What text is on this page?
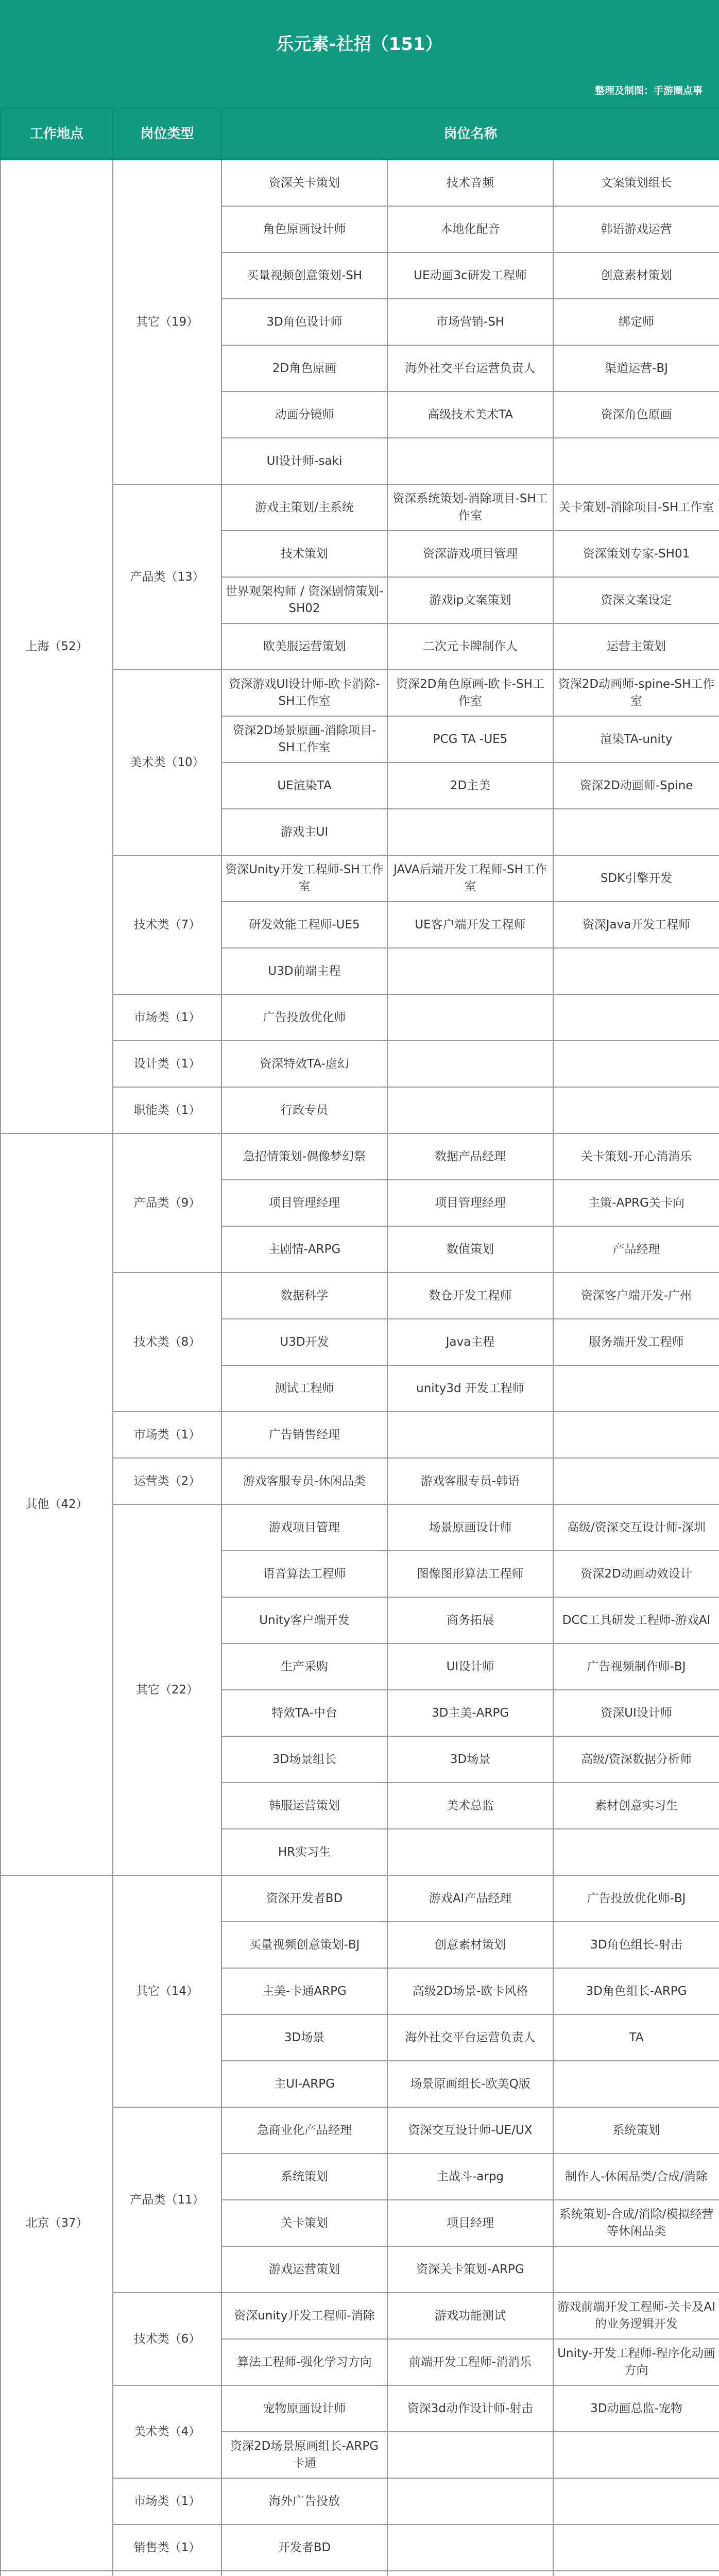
乐元素-社招（151）
整理及制图：手游圈点事
工作地点	岗位类型	岗位名称		
上海（52）	其它（19）	资深关卡策划	技术音频	文案策划组长
		角色原画设计师	本地化配音	韩语游戏运营
		买量视频创意策划-SH	UE动画3c研发工程师	创意素材策划
		3D角色设计师	市场营销-SH	绑定师
		2D角色原画	海外社交平台运营负责人	渠道运营-BJ
		动画分镜师	高级技术美术TA	资深角色原画
		UI设计师-saki		
	产品类（13）	游戏主策划/主系统	资深系统策划-消除项目-SH工作室	关卡策划-消除项目-SH工作室
		技术策划	资深游戏项目管理	资深策划专家-SH01
		世界观架构师 / 资深剧情策划-SH02	游戏ip文案策划	资深文案设定
		欧美服运营策划	二次元卡牌制作人	运营主策划
	美术类（10）	资深游戏UI设计师-欧卡消除-SH工作室	资深2D角色原画-欧卡-SH工作室	资深2D动画师-spine-SH工作室
		资深2D场景原画-消除项目-SH工作室	PCG TA -UE5	渲染TA-unity
		UE渲染TA	2D主美	资深2D动画师-Spine
		游戏主UI		
	技术类（7）	资深Unity开发工程师-SH工作室	JAVA后端开发工程师-SH工作室	SDK引擎开发
		研发效能工程师-UE5	UE客户端开发工程师	资深Java开发工程师
		U3D前端主程		
	市场类（1）	广告投放优化师		
	设计类（1）	资深特效TA-虚幻		
	职能类（1）	行政专员		
其他（42）	产品类（9）	急招情策划-偶像梦幻祭	数据产品经理	关卡策划-开心消消乐
		项目管理经理	项目管理经理	主策-APRG关卡向
		主剧情-ARPG	数值策划	产品经理
	技术类（8）	数据科学	数仓开发工程师	资深客户端开发-广州
		U3D开发	Java主程	服务端开发工程师
		测试工程师	unity3d 开发工程师	
	市场类（1）	广告销售经理		
	运营类（2）	游戏客服专员-休闲品类	游戏客服专员-韩语	
	其它（22）	游戏项目管理	场景原画设计师	高级/资深交互设计师-深圳
		语音算法工程师	图像图形算法工程师	资深2D动画动效设计
		Unity客户端开发	商务拓展	DCC工具研发工程师-游戏AI
		生产采购	UI设计师	广告视频制作师-BJ
		特效TA-中台	3D主美-ARPG	资深UI设计师
		3D场景组长	3D场景	高级/资深数据分析师
		韩服运营策划	美术总监	素材创意实习生
		HR实习生		
北京（37）	其它（14）	资深开发者BD	游戏AI产品经理	广告投放优化师-BJ
		买量视频创意策划-BJ	创意素材策划	3D角色组长-射击
		主美-卡通ARPG	高级2D场景-欧卡风格	3D角色组长-ARPG
		3D场景	海外社交平台运营负责人	TA
		主UI-ARPG	场景原画组长-欧美Q版	
	产品类（11）	急商业化产品经理	资深交互设计师-UE/UX	系统策划
		系统策划	主战斗-arpg	制作人-休闲品类/合成/消除
		关卡策划	项目经理	系统策划-合成/消除/模拟经营等休闲品类
		游戏运营策划	资深关卡策划-ARPG	
	技术类（6）	资深unity开发工程师-消除	游戏功能测试	游戏前端开发工程师-关卡及AI的业务逻辑开发
		算法工程师-强化学习方向	前端开发工程师-消消乐	Unity-开发工程师-程序化动画方向
	美术类（4）	宠物原画设计师	资深3d动作设计师-射击	3D动画总监-宠物
		资深2D场景原画组长-ARPG卡通		
	市场类（1）	海外广告投放		
	销售类（1）	开发者BD		
